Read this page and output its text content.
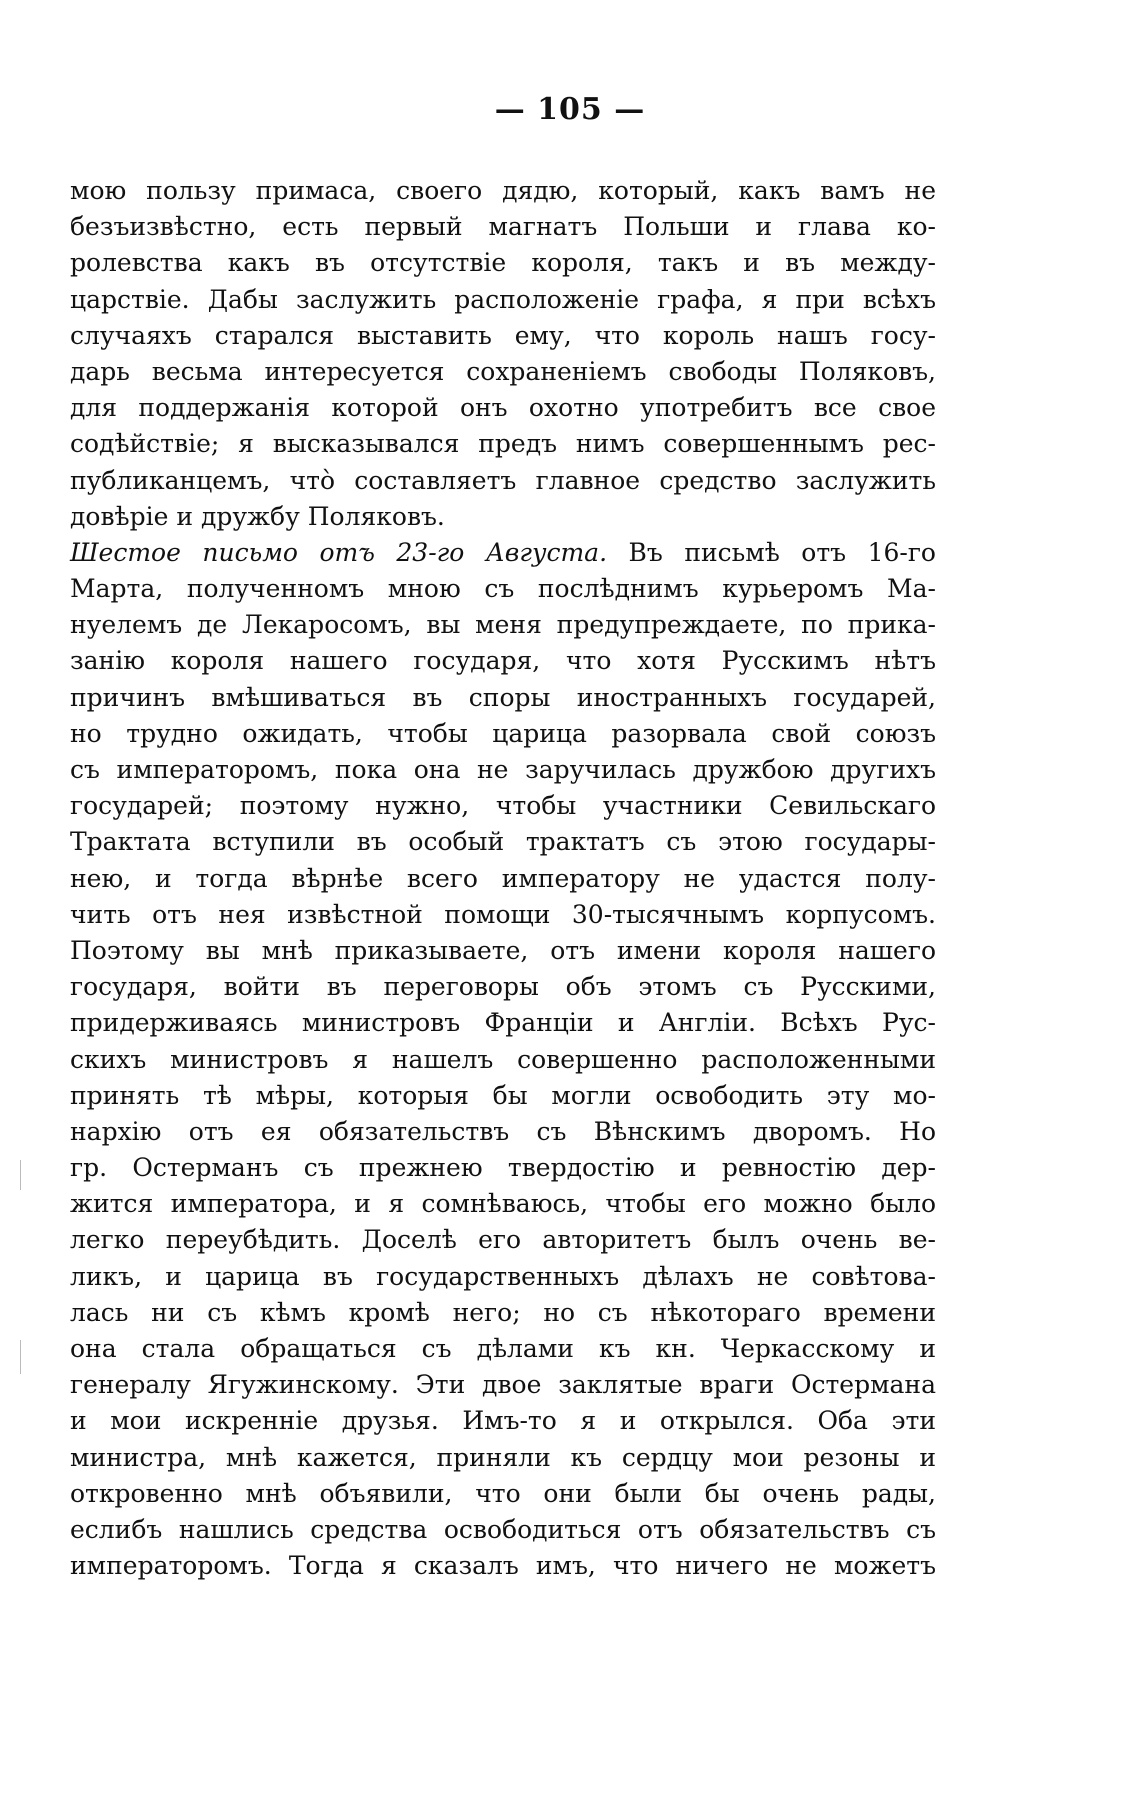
— 105 —
мою пользу примаса, своего дядю, который, какъ вамъ не
безъизвѣстно, есть первый магнатъ Польши и глава ко-
ролевства какъ въ отсутствіе короля, такъ и въ между-
царствіе. Дабы заслужить расположеніе графа, я при всѣхъ
случаяхъ старался выставить ему, что король нашъ госу-
дарь весьма интересуется сохраненіемъ свободы Поляковъ,
для поддержанія которой онъ охотно употребитъ все свое
содѣйствіе; я высказывался предъ нимъ совершеннымъ рес-
публиканцемъ, что̀ составляетъ главное средство заслужить
довѣріе и дружбу Поляковъ.
Шестое письмо отъ 23-го Августа. Въ письмѣ отъ 16-го
Марта, полученномъ мною съ послѣднимъ курьеромъ Ма-
нуелемъ де Лекаросомъ, вы меня предупреждаете, по прика-
занію короля нашего государя, что хотя Русскимъ нѣтъ
причинъ вмѣшиваться въ споры иностранныхъ государей,
но трудно ожидать, чтобы царица разорвала свой союзъ
съ императоромъ, пока она не заручилась дружбою другихъ
государей; поэтому нужно, чтобы участники Севильскаго
Трактата вступили въ особый трактатъ съ этою государы-
нею, и тогда вѣрнѣе всего императору не удастся полу-
чить отъ нея извѣстной помощи 30-тысячнымъ корпусомъ.
Поэтому вы мнѣ приказываете, отъ имени короля нашего
государя, войти въ переговоры объ этомъ съ Русскими,
придерживаясь министровъ Франціи и Англіи. Всѣхъ Рус-
скихъ министровъ я нашелъ совершенно расположенными
принять тѣ мѣры, которыя бы могли освободить эту мо-
нархію отъ ея обязательствъ съ Вѣнскимъ дворомъ. Но
гр. Остерманъ съ прежнею твердостію и ревностію дер-
жится императора, и я сомнѣваюсь, чтобы его можно было
легко переубѣдить. Доселѣ его авторитетъ былъ очень ве-
ликъ, и царица въ государственныхъ дѣлахъ не совѣтова-
лась ни съ кѣмъ кромѣ него; но съ нѣкотораго времени
она стала обращаться съ дѣлами къ кн. Черкасскому и
генералу Ягужинскому. Эти двое заклятые враги Остермана
и мои искренніе друзья. Имъ-то я и открылся. Оба эти
министра, мнѣ кажется, приняли къ сердцу мои резоны и
откровенно мнѣ объявили, что они были бы очень рады,
еслибъ нашлись средства освободиться отъ обязательствъ съ
императоромъ. Тогда я сказалъ имъ, что ничего не можетъ
